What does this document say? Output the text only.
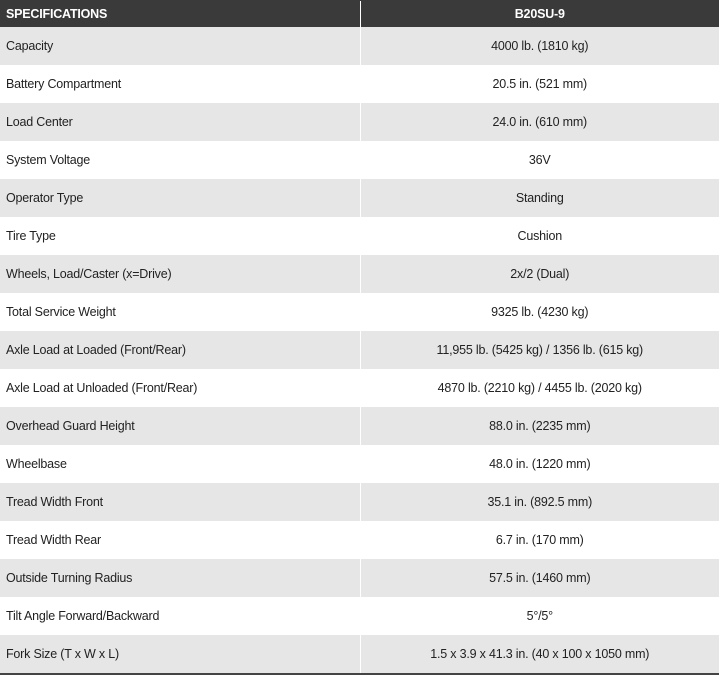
SPECIFICATIONS	B20SU-9
Capacity	4000 lb. (1810 kg)
Battery Compartment	20.5 in. (521 mm)
Load Center	24.0 in. (610 mm)
System Voltage	36V
Operator Type	Standing
Tire Type	Cushion
Wheels, Load/Caster (x=Drive)	2x/2 (Dual)
Total Service Weight	9325 lb. (4230 kg)
Axle Load at Loaded (Front/Rear)	11,955 lb. (5425 kg) / 1356 lb. (615 kg)
Axle Load at Unloaded (Front/Rear)	4870 lb. (2210 kg) / 4455 lb. (2020 kg)
Overhead Guard Height	88.0 in. (2235 mm)
Wheelbase	48.0 in. (1220 mm)
Tread Width Front	35.1 in. (892.5 mm)
Tread Width Rear	6.7 in. (170 mm)
Outside Turning Radius	57.5 in. (1460 mm)
Tilt Angle Forward/Backward	5°/5°
Fork Size (T x W x L)	1.5 x 3.9 x 41.3 in. (40 x 100 x 1050 mm)
